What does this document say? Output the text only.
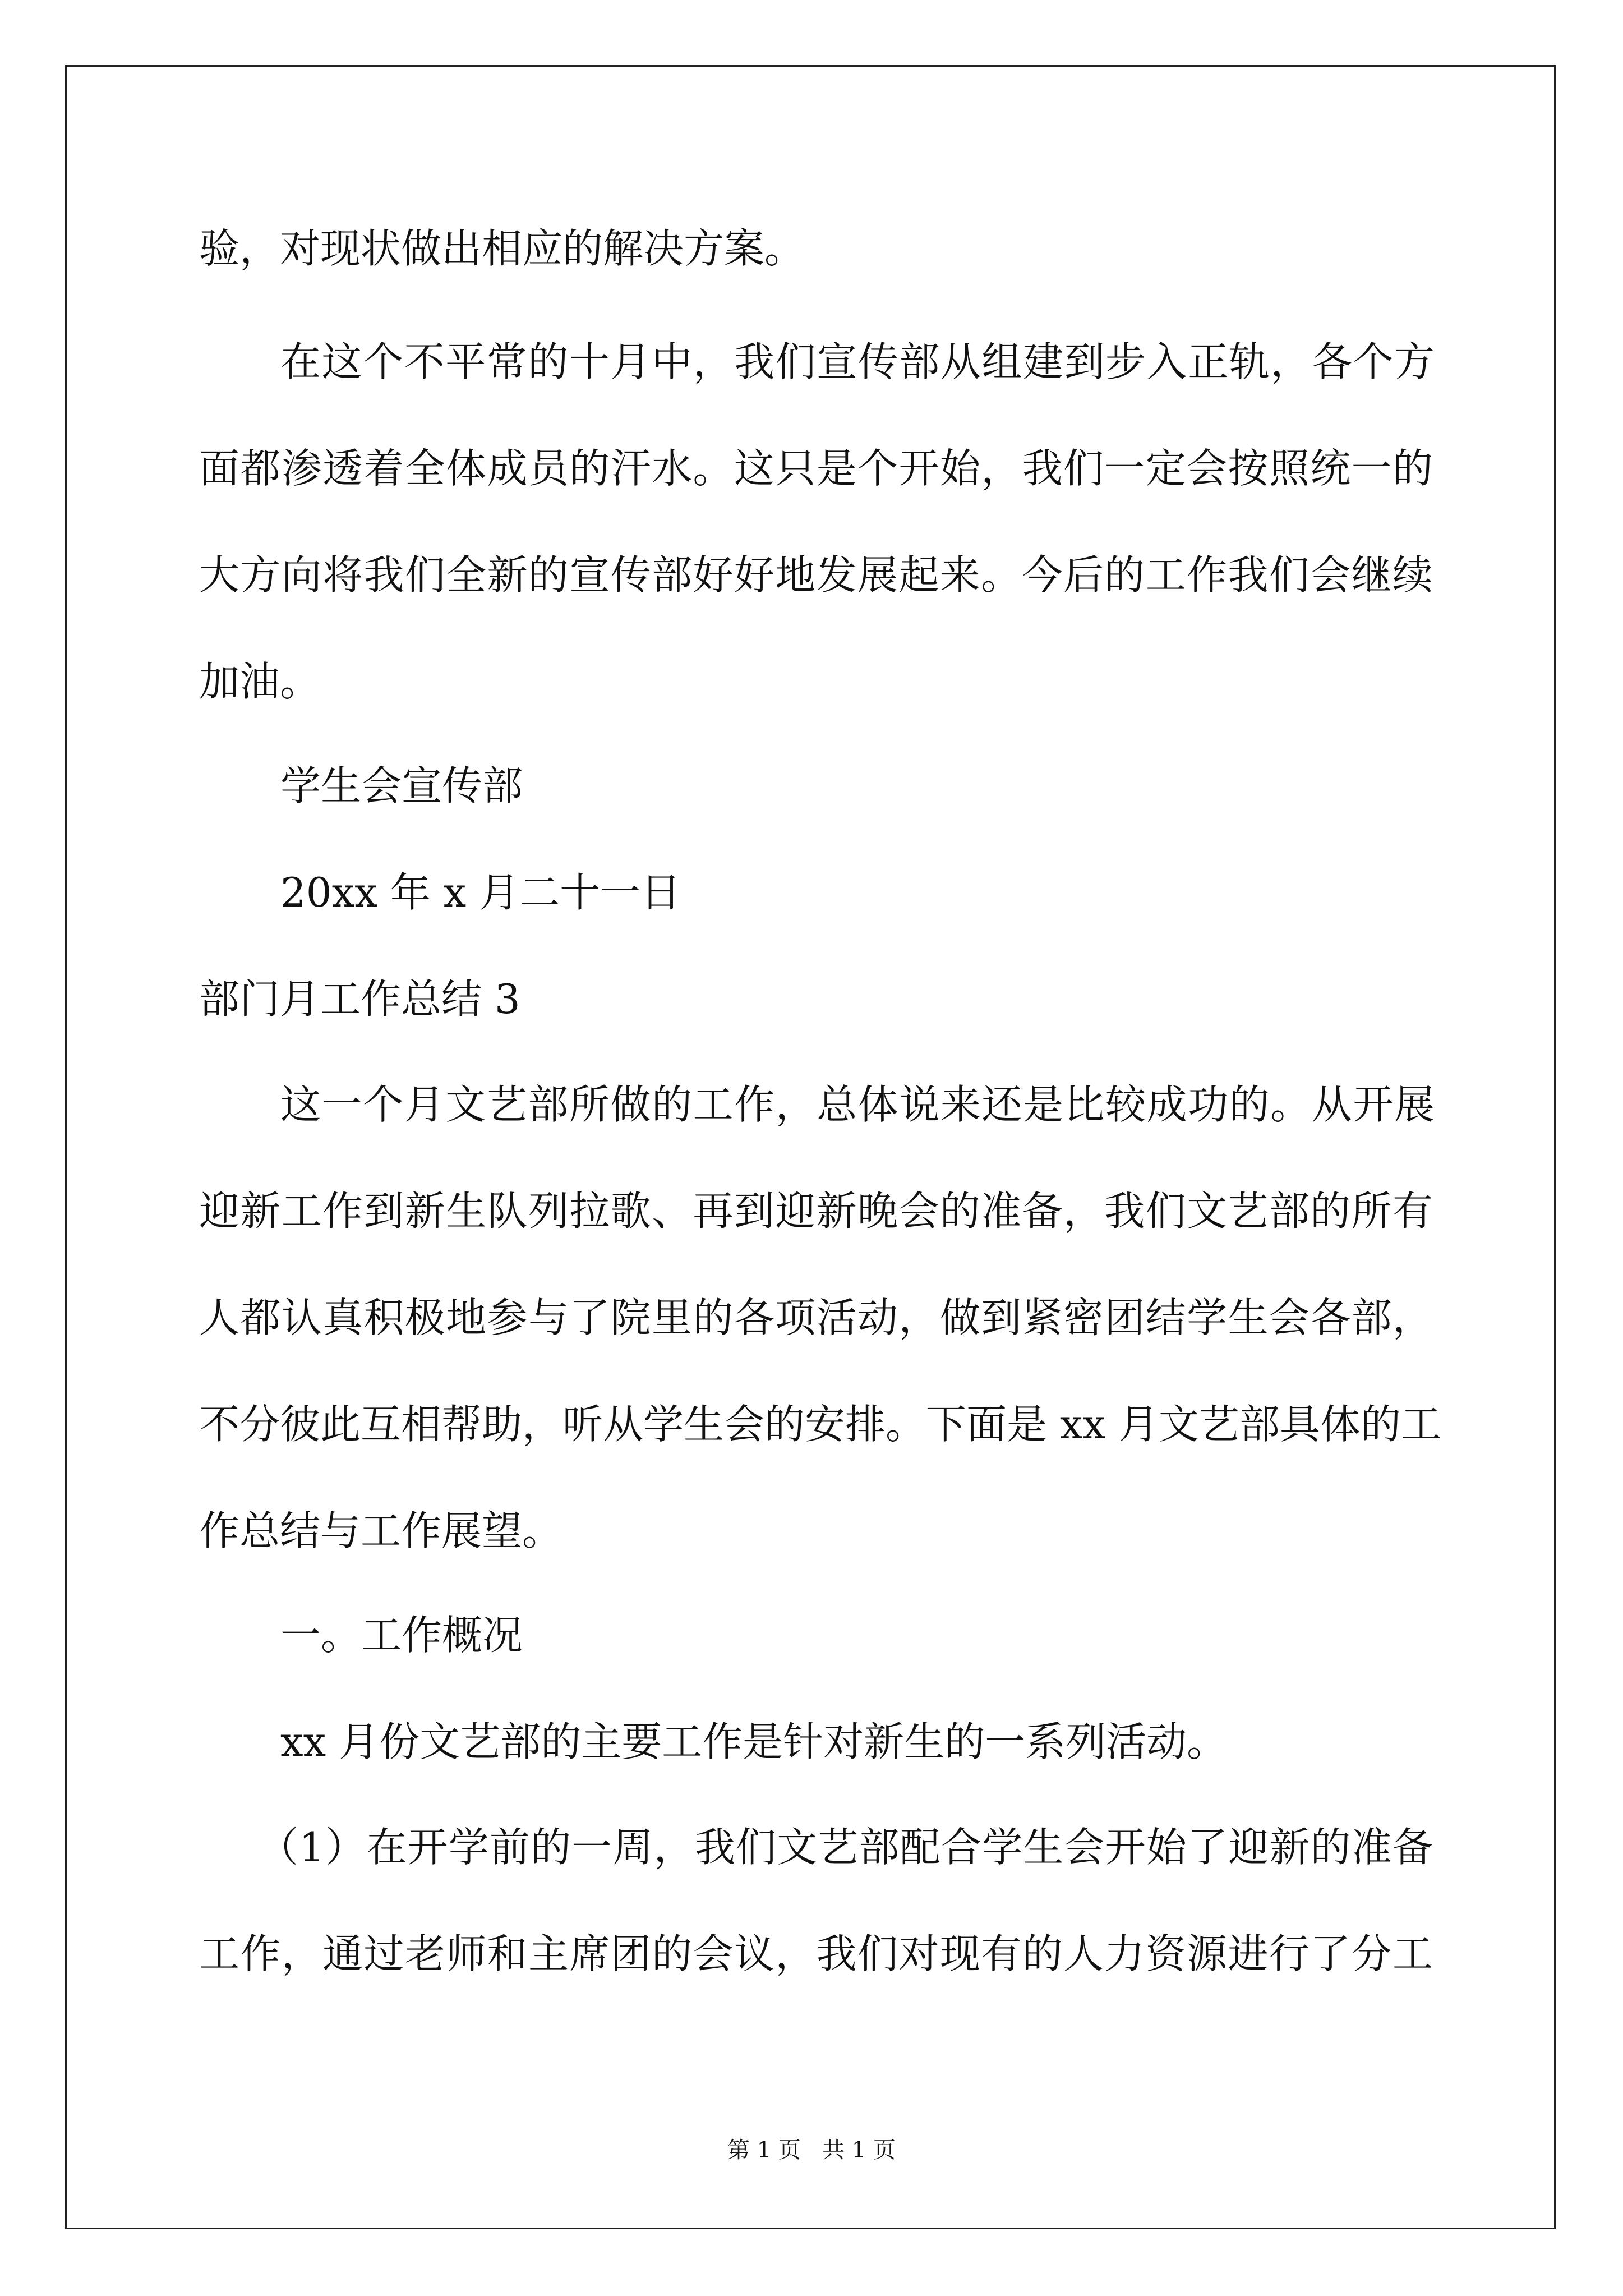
验，对现状做出相应的解决方案。
在这个不平常的十月中，我们宣传部从组建到步入正轨，各个方
面都渗透着全体成员的汗水。这只是个开始，我们一定会按照统一的
大方向将我们全新的宣传部好好地发展起来。今后的工作我们会继续
加油。
学生会宣传部
20xx 年 x 月二十一日
部门月工作总结 3
这一个月文艺部所做的工作，总体说来还是比较成功的。从开展
迎新工作到新生队列拉歌、再到迎新晚会的准备，我们文艺部的所有
人都认真积极地参与了院里的各项活动，做到紧密团结学生会各部，
不分彼此互相帮助，听从学生会的安排。下面是 xx 月文艺部具体的工
作总结与工作展望。
一。工作概况
xx 月份文艺部的主要工作是针对新生的一系列活动。
（1）在开学前的一周，我们文艺部配合学生会开始了迎新的准备
工作，通过老师和主席团的会议，我们对现有的人力资源进行了分工
第 1 页   共 1 页
